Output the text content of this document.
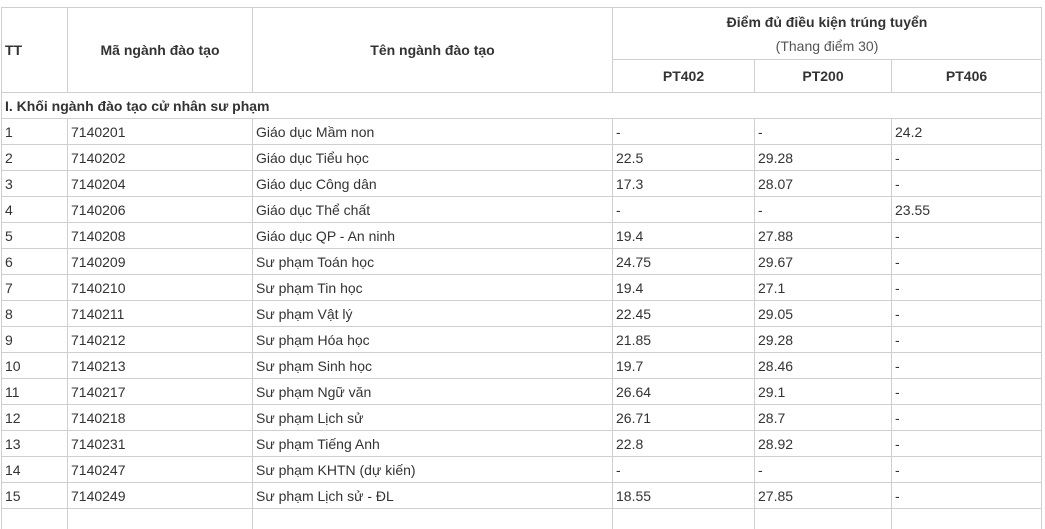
TT	Mã ngành đào tạo	Tên ngành đào tạo	Điểm đủ điều kiện trúng tuyển
(Thang điểm 30)		

			PT402	PT200	PT406
I. Khối ngành đào tạo cử nhân sư phạm					
1	7140201	Giáo dục Mầm non	-	-	24.2
2	7140202	Giáo dục Tiểu học	22.5	29.28	-
3	7140204	Giáo dục Công dân	17.3	28.07	-
4	7140206	Giáo dục Thể chất	-	-	23.55
5	7140208	Giáo dục QP - An ninh	19.4	27.88	-
6	7140209	Sư phạm Toán học	24.75	29.67	-
7	7140210	Sư phạm Tin học	19.4	27.1	-
8	7140211	Sư phạm Vật lý	22.45	29.05	-
9	7140212	Sư phạm Hóa học	21.85	29.28	-
10	7140213	Sư phạm Sinh học	19.7	28.46	-
11	7140217	Sư phạm Ngữ văn	26.64	29.1	-
12	7140218	Sư phạm Lịch sử	26.71	28.7	-
13	7140231	Sư phạm Tiếng Anh	22.8	28.92	-
14	7140247	Sư phạm KHTN (dự kiến)	-	-	-
15	7140249	Sư phạm Lịch sử - ĐL	18.55	27.85	-
